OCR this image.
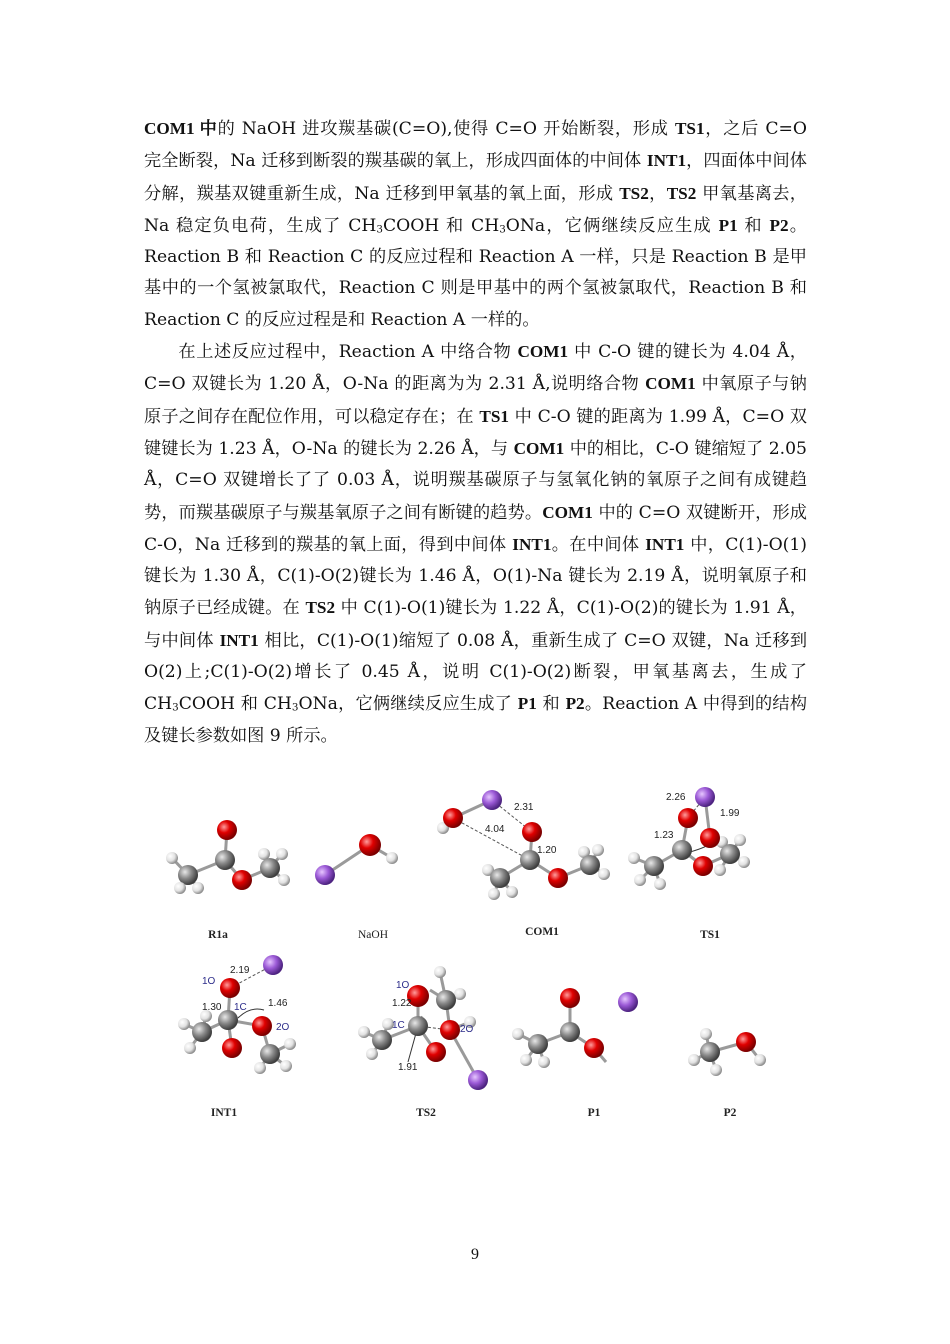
COM1 中的 NaOH 进攻羰基碳(C=O),使得 C=O 开始断裂，形成 TS1，之后 C=O 完全断裂，Na 迁移到断裂的羰基碳的氧上，形成四面体的中间体 INT1，四面体中间体分解，羰基双键重新生成，Na 迁移到甲氧基的氧上面，形成 TS2，TS2 甲氧基离去，Na 稳定负电荷，生成了 $CH_3COOH$ 和 $CH_3ONa$，它俩继续反应生成 P1 和 P2。Reaction B 和 Reaction C 的反应过程和 Reaction A 一样，只是 Reaction B 是甲基中的一个氢被氯取代，Reaction C 则是甲基中的两个氢被氯取代，Reaction B 和 Reaction C 的反应过程是和 Reaction A 一样的。

在上述反应过程中，Reaction A 中络合物 COM1 中 C-O 键的键长为 4.04 Å，C=O 双键长为 1.20 Å，O-Na 的距离为为 2.31 Å,说明络合物 COM1 中氧原子与钠原子之间存在配位作用，可以稳定存在；在 TS1 中 C-O 键的距离为 1.99 Å，C=O 双键键长为 1.23 Å，O-Na 的键长为 2.26 Å，与 COM1 中的相比，C-O 键缩短了 2.05 Å，C=O 双键增长了了 0.03 Å，说明羰基碳原子与氢氧化钠的氧原子之间有成键趋势，而羰基碳原子与羰基氧原子之间有断键的趋势。COM1 中的 C=O 双键断开，形成 C-O，Na 迁移到的羰基的氧上面，得到中间体 INT1。在中间体 INT1 中，C(1)-O(1)键长为 1.30 Å，C(1)-O(2)键长为 1.46 Å，O(1)-Na 键长为 2.19 Å，说明氧原子和钠原子已经成键。在 TS2 中 C(1)-O(1)键长为 1.22 Å，C(1)-O(2)的键长为 1.91 Å，与中间体 INT1 相比，C(1)-O(1)缩短了 0.08 Å，重新生成了 C=O 双键，Na 迁移到 O(2)上;C(1)-O(2)增长了 0.45 Å，说明 C(1)-O(2)断裂，甲氧基离去，生成了 $CH_3COOH$ 和 $CH_3ONa$，它俩继续反应生成了 P1 和 P2。Reaction A 中得到的结构及键长参数如图 9 所示。

R1a	NaOH
2.31
4.04
1.20
COM1
2.26
1.23
1.99
TS1
2.19
1.30	1.46
1O
1C
2O
INT1
1.22
1.91
1O
1C	2O
TS2	P1	P2
9
